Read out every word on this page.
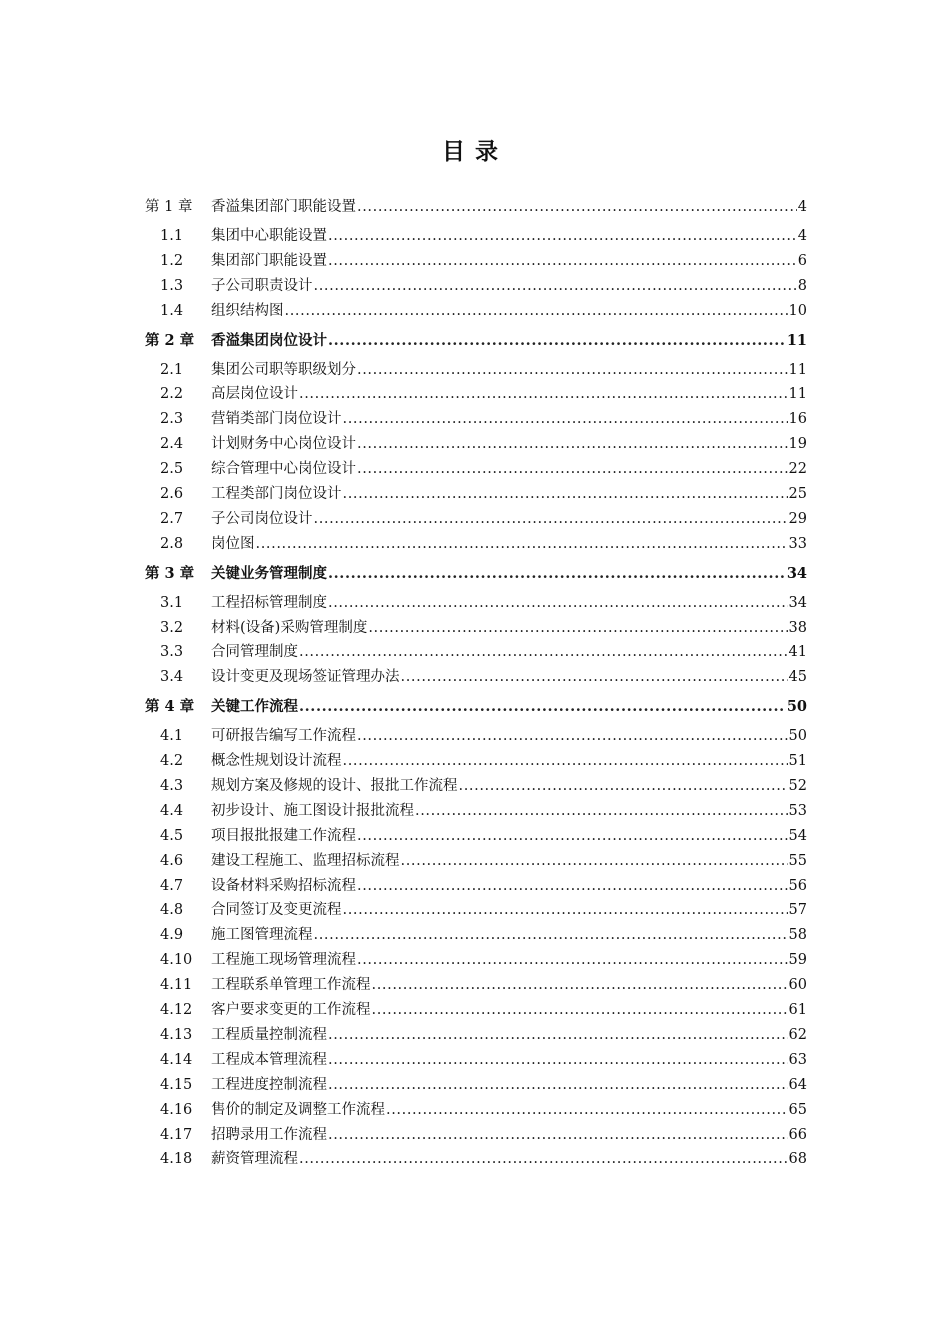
目录
第 1 章	香溢集团部门职能设置 .....	4
1.1	集团中心职能设置 .....	4
1.2	集团部门职能设置 .....	6
1.3	子公司职责设计 .....	8
1.4	组织结构图 .....	10
第 2 章	香溢集团岗位设计 .....	11
2.1	集团公司职等职级划分 .....	11
2.2	高层岗位设计 .....	11
2.3	营销类部门岗位设计 .....	16
2.4	计划财务中心岗位设计 .....	19
2.5	综合管理中心岗位设计 .....	22
2.6	工程类部门岗位设计 .....	25
2.7	子公司岗位设计 .....	29
2.8	岗位图 .....	33
第 3 章	关键业务管理制度 .....	34
3.1	工程招标管理制度 .....	34
3.2	材料(设备)采购管理制度 .....	38
3.3	合同管理制度 .....	41
3.4	设计变更及现场签证管理办法 .....	45
第 4 章	关键工作流程 .....	50
4.1	可研报告编写工作流程 .....	50
4.2	概念性规划设计流程 .....	51
4.3	规划方案及修规的设计、报批工作流程 .....	52
4.4	初步设计、施工图设计报批流程 .....	53
4.5	项目报批报建工作流程 .....	54
4.6	建设工程施工、监理招标流程 .....	55
4.7	设备材料采购招标流程 .....	56
4.8	合同签订及变更流程 .....	57
4.9	施工图管理流程 .....	58
4.10	工程施工现场管理流程 .....	59
4.11	工程联系单管理工作流程 .....	60
4.12	客户要求变更的工作流程 .....	61
4.13	工程质量控制流程 .....	62
4.14	工程成本管理流程 .....	63
4.15	工程进度控制流程 .....	64
4.16	售价的制定及调整工作流程 .....	65
4.17	招聘录用工作流程 .....	66
4.18	薪资管理流程 .....	68
